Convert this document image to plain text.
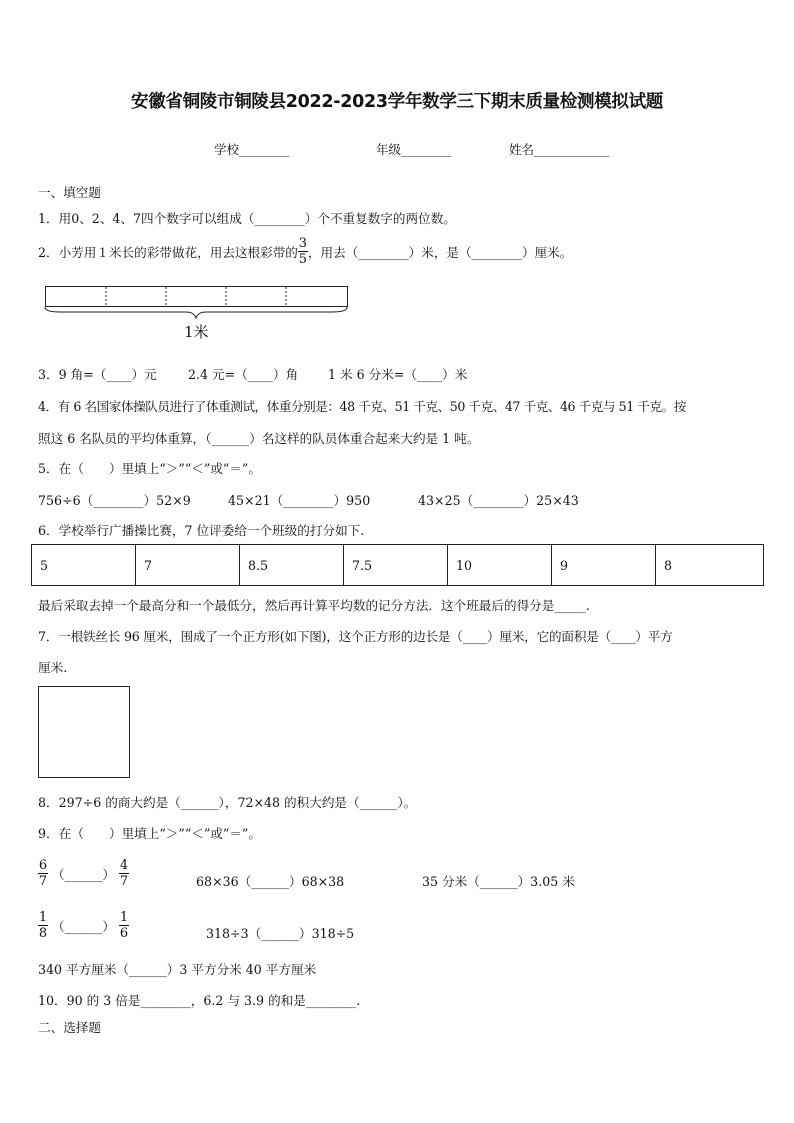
安徽省铜陵市铜陵县2022-2023学年数学三下期末质量检测模拟试题
学校________	年级________	姓名____________
一、填空题
1．用0、2、4、7四个数字可以组成（________）个不重复数字的两位数。
2．小芳用１米长的彩带做花，用去这根彩带的 $\frac{3}{5}$ ，用去（________）米，是（________）厘米。
1米
3．9 角=（____）元 2.4 元=（____）角 1 米 6 分米=（____）米
4．有 6 名国家体操队员进行了体重测试，体重分别是：48 千克、51 千克、50 千克、47 千克、46 千克与 51 千克。按
照这 6 名队员的平均体重算，（______）名这样的队员体重合起来大约是 1 吨。
5．在（　　）里填上“＞”“＜”或“＝”。
756÷6（________）52×9	45×21（________）950	43×25（________）25×43
6．学校举行广播操比赛，7 位评委给一个班级的打分如下.
5	7	8.5	7.5	10	9	8
最后采取去掉一个最高分和一个最低分，然后再计算平均数的记分方法．这个班最后的得分是_____.
7．一根铁丝长 96 厘米，围成了一个正方形(如下图)，这个正方形的边长是（____）厘米，它的面积是（____）平方
厘米.
8．297÷6 的商大约是（______），72×48 的积大约是（______）。
9．在（　　）里填上“＞”“＜”或“＝”。
$\frac{6}{7}$ （______） $\frac{4}{7}$	68×36（______）68×38	35 分米（______）3.05 米
$\frac{1}{8}$ （______） $\frac{1}{6}$	318÷3（______）318÷5
340 平方厘米（______）3 平方分米 40 平方厘米
10．90 的 3 倍是________，6.2 与 3.9 的和是________.
二、选择题
